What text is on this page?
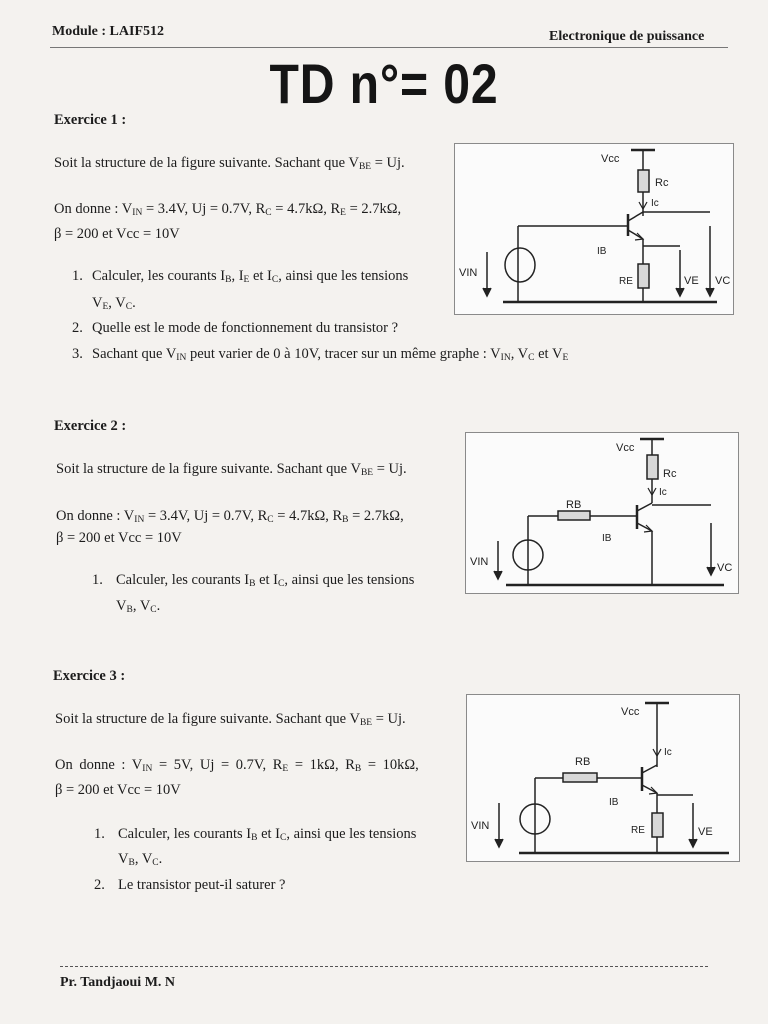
Module : LAIF512	Electronique de puissance
TD n°= 02
Exercice 1 :
Soit la structure de la figure suivante. Sachant que $V_{BE} = Uj$.
On donne : $V_{IN} = 3.4V$, Uj = 0.7V, $R_C = 4.7k\Omega$, $R_E = 2.7k\Omega$,
β = 200 et Vcc = 10V
1. Calculer, les courants $I_B$, $I_E$ et $I_C$, ainsi que les tensions
$V_E$, $V_C$.
2. Quelle est le mode de fonctionnement du transistor ?
3. Sachant que $V_{IN}$ peut varier de 0 à 10V, tracer sur un même graphe : $V_{IN}$, $V_C$ et $V_E$
Vcc
Rc
Ic
IB
RE
VIN
VE VC
Exercice 2 :
Soit la structure de la figure suivante. Sachant que $V_{BE} = Uj$.
On donne : $V_{IN} = 3.4V$, Uj = 0.7V, $R_C = 4.7k\Omega$, $R_B = 2.7k\Omega$,
β = 200 et Vcc = 10V
1. Calculer, les courants $I_B$ et $I_C$, ainsi que les tensions
$V_B$, $V_C$.
Vcc
Rc
Ic
RB
IB
VIN	VC
Exercice 3 :
Soit la structure de la figure suivante. Sachant que $V_{BE} = Uj$.
On donne : $V_{IN} = 5V$, Uj = 0.7V, $R_E = 1k\Omega$, $R_B = 10k\Omega$,
β = 200 et Vcc = 10V
1. Calculer, les courants $I_B$ et $I_C$, ainsi que les tensions
$V_B$, $V_C$.
2. Le transistor peut-il saturer ?
Vcc
Ic
RB
IB
RE
VIN	VE
Pr. Tandjaoui M. N
